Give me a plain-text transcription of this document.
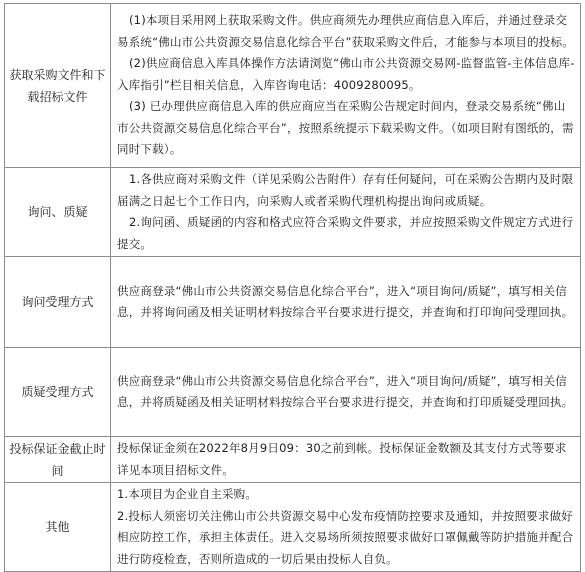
获取采购文件和下载招标文件	(1)本项目采用网上获取采购文件。供应商须先办理供应商信息入库后，并通过登录交易系统“佛山市公共资源交易信息化综合平台”获取采购文件后，才能参与本项目的投标。

(2)供应商信息入库具体操作方法请浏览“佛山市公共资源交易网-监督监管-主体信息库-入库指引”栏目相关信息，入库咨询电话：4009280095。

(3) 已办理供应商信息入库的供应商应当在采购公告规定时间内，登录交易系统“佛山市公共资源交易信息化综合平台”，按照系统提示下载采购文件。（如项目附有图纸的，需同时下载）。

询问、质疑	1.各供应商对采购文件（详见采购公告附件）存有任何疑问，可在采购公告期内及时限届满之日起七个工作日内，向采购人或者采购代理机构提出询问或质疑。

2.询问函、质疑函的内容和格式应符合采购文件要求，并应按照采购文件规定方式进行提交。

询问受理方式	供应商登录“佛山市公共资源交易信息化综合平台”，进入“项目询问/质疑”，填写相关信息，并将询问函及相关证明材料按综合平台要求进行提交，并查询和打印询问受理回执。

质疑受理方式	供应商登录“佛山市公共资源交易信息化综合平台”，进入“项目询问/质疑”，填写相关信息，并将质疑函及相关证明材料按综合平台要求进行提交，并查询和打印质疑受理回执。

投标保证金截止时间	投标保证金须在2022年8月9日09：30之前到帐。投标保证金数额及其支付方式等要求详见本项目招标文件。

其他	1.本项目为企业自主采购。

2.投标人须密切关注佛山市公共资源交易中心发布疫情防控要求及通知，并按照要求做好相应防控工作，承担主体责任。进入交易场所须按照要求做好口罩佩戴等防护措施并配合进行防疫检查，否则所造成的一切后果由投标人自负。
